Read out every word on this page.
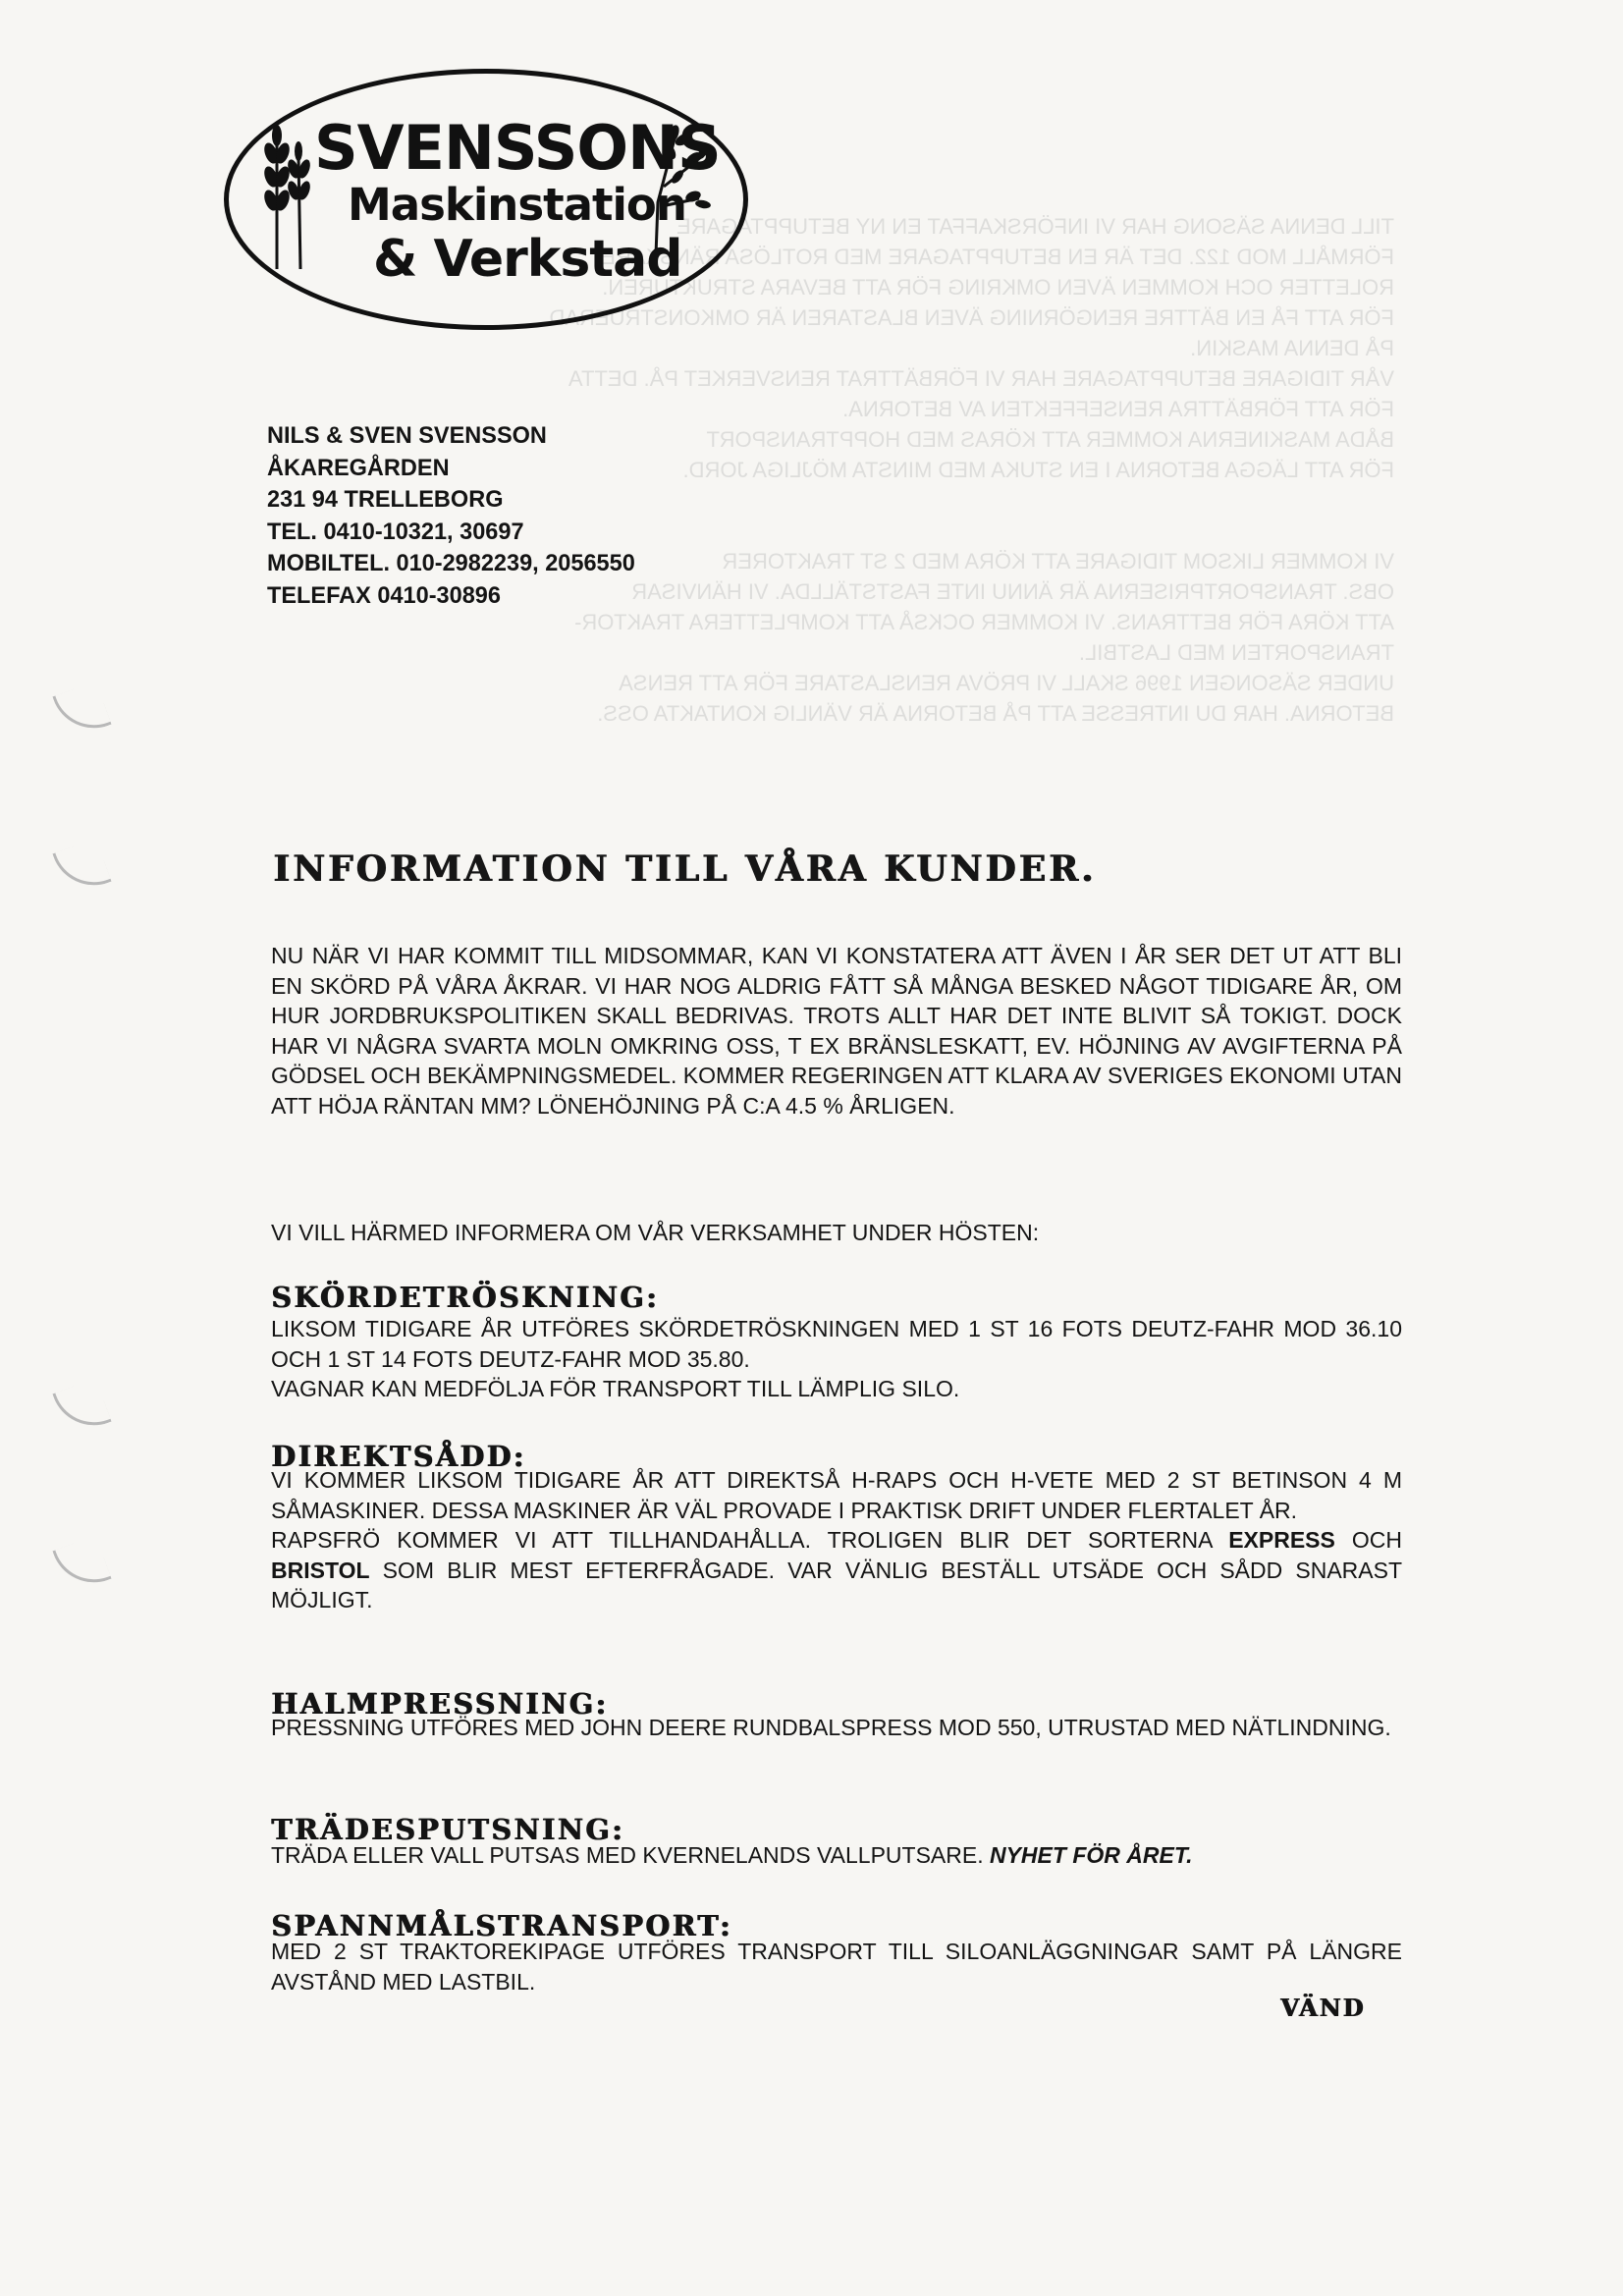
TILL DENNA SÄSONG HAR VI INFÖRSKAFFAT EN NY BETUPPTAGARE
FÖRMÅLL MOD 122. DET ÄR EN BETUPPTAGARE MED ROTLÖSA RÄNSKARE
ROLETTER OCH KOMMEN ÄVEN OMKRING FÖR ATT BEVARA STRUKTUREN.
FÖR ATT FÅ EN BÄTTRE RENGÖRNING ÄVEN BLASTAREN ÄR OMKONSTRUERAD
PÅ DENNA MASKIN.
VÅR TIDIGARE BETUPPTAGARE HAR VI FÖRBÄTTRAT RENSVERKET PÅ. DETTA
FÖR ATT FÖRBÄTTRA RENSEFFEKTEN AV BETORNA.
BÅDA MASKINERNA KOMMER ATT KÖRAS MED HOPPTRANSPORT
FÖR ATT LÄGGA BETORNA I EN STUKA MED MINSTA MÖJLIGA JORD.

VI KOMMER LIKSOM TIDIGARE ATT KÖRA MED 2 ST TRAKTORER
OBS. TRANSPORTPRISERNA ÄR ÄNNU INTE FASTSTÄLLDA. VI HÄNVISAR
ATT KÖRA FÖR BETTRANS. VI KOMMER OCKSÅ ATT KOMPLETTERA TRAKTOR-
TRANSPORTEN MED LASTBIL.
UNDER SÄSONGEN 1996 SKALL VI PRÖVA RENSLASTARE FÖR ATT RENSA
BETORNA. HAR DU INTRESSE ATT PÅ BETORNA ÄR VÄNLIG KONTAKTA OSS.
SVENSSONS
Maskinstation
& Verkstad
NILS & SVEN SVENSSON
ÅKAREGÅRDEN
231 94 TRELLEBORG
TEL. 0410-10321, 30697
MOBILTEL. 010-2982239, 2056550
TELEFAX 0410-30896
INFORMATION TILL VÅRA KUNDER.

NU NÄR VI HAR KOMMIT TILL MIDSOMMAR, KAN VI KONSTATERA ATT ÄVEN I ÅR SER DET UT ATT BLI EN SKÖRD PÅ VÅRA ÅKRAR. VI HAR NOG ALDRIG FÅTT SÅ MÅNGA BESKED NÅGOT TIDIGARE ÅR, OM HUR JORDBRUKSPOLITIKEN SKALL BEDRIVAS. TROTS ALLT HAR DET INTE BLIVIT SÅ TOKIGT. DOCK HAR VI NÅGRA SVARTA MOLN OMKRING OSS, T EX BRÄNSLESKATT, EV. HÖJNING AV AVGIFTERNA PÅ GÖDSEL OCH BEKÄMPNINGSMEDEL. KOMMER REGERINGEN ATT KLARA AV SVERIGES EKONOMI UTAN ATT HÖJA RÄNTAN MM? LÖNEHÖJNING PÅ C:A 4.5 % ÅRLIGEN.

VI VILL HÄRMED INFORMERA OM VÅR VERKSAMHET UNDER HÖSTEN:

SKÖRDETRÖSKNING:

LIKSOM TIDIGARE ÅR UTFÖRES SKÖRDETRÖSKNINGEN MED 1 ST 16 FOTS DEUTZ-FAHR MOD 36.10 OCH 1 ST 14 FOTS DEUTZ-FAHR MOD 35.80.

VAGNAR KAN MEDFÖLJA FÖR TRANSPORT TILL LÄMPLIG SILO.

DIREKTSÅDD:

VI KOMMER LIKSOM TIDIGARE ÅR ATT DIREKTSÅ H-RAPS OCH H-VETE MED 2 ST BETINSON 4 M SÅMASKINER. DESSA MASKINER ÄR VÄL PROVADE I PRAKTISK DRIFT UNDER FLERTALET ÅR.

RAPSFRÖ KOMMER VI ATT TILLHANDAHÅLLA. TROLIGEN BLIR DET SORTERNA EXPRESS OCH BRISTOL SOM BLIR MEST EFTERFRÅGADE. VAR VÄNLIG BESTÄLL UTSÄDE OCH SÅDD SNARAST MÖJLIGT.

HALMPRESSNING:

PRESSNING UTFÖRES MED JOHN DEERE RUNDBALSPRESS MOD 550, UTRUSTAD MED NÄTLINDNING.

TRÄDESPUTSNING:

TRÄDA ELLER VALL PUTSAS MED KVERNELANDS VALLPUTSARE. NYHET FÖR ÅRET.

SPANNMÅLSTRANSPORT:

MED 2 ST TRAKTOREKIPAGE UTFÖRES TRANSPORT TILL SILOANLÄGGNINGAR SAMT PÅ LÄNGRE AVSTÅND MED LASTBIL.

VÄND
